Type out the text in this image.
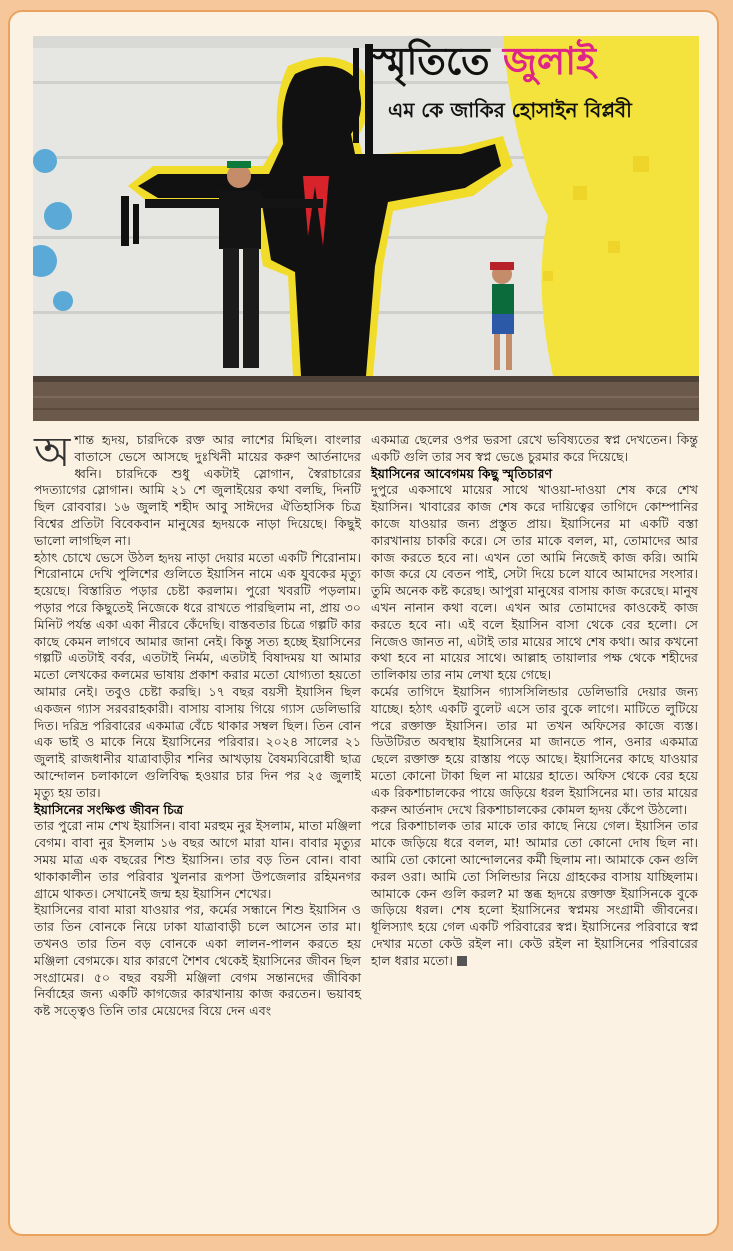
স্মৃতিতে জুলাই
এম কে জাকির হোসাইন বিপ্লবী

অশান্ত হৃদয়, চারদিকে রক্ত আর লাশের মিছিল। বাংলার বাতাসে ভেসে আসছে দুঃখিনী মায়ের করুণ আর্তনাদের ধ্বনি। চারদিকে শুধু একটাই স্লোগান, স্বৈরাচারের পদত্যাগের স্লোগান। আমি ২১ শে জুলাইয়ের কথা বলছি, দিনটি ছিল রোববার। ১৬ জুলাই শহীদ আবু সাঈদের ঐতিহাসিক চিত্র বিশ্বের প্রতিটা বিবেকবান মানুষের হৃদয়কে নাড়া দিয়েছে। কিছুই ভালো লাগছিল না।

হঠাৎ চোখে ভেসে উঠল হৃদয় নাড়া দেয়ার মতো একটি শিরোনাম। শিরোনামে দেখি পুলিশের গুলিতে ইয়াসিন নামে এক যুবকের মৃত্যু হয়েছে। বিস্তারিত পড়ার চেষ্টা করলাম। পুরো খবরটি পড়লাম। পড়ার পরে কিছুতেই নিজেকে ধরে রাখতে পারছিলাম না, প্রায় ৩০ মিনিট পর্যন্ত একা একা নীরবে কেঁদেছি। বাস্তবতার চিত্রে গল্পটি কার কাছে কেমন লাগবে আমার জানা নেই। কিন্তু সত্য হচ্ছে ইয়াসিনের গল্পটি এতটাই বর্বর, এতটাই নির্মম, এতটাই বিষাদময় যা আমার মতো লেখকের কলমের ভাষায় প্রকাশ করার মতো যোগ্যতা হয়তো আমার নেই। তবুও চেষ্টা করছি। ১৭ বছর বয়সী ইয়াসিন ছিল একজন গ্যাস সরবরাহকারী। বাসায় বাসায় গিয়ে গ্যাস ডেলিভারি দিত। দরিদ্র পরিবারের একমাত্র বেঁচে থাকার সম্বল ছিল। তিন বোন এক ভাই ও মাকে নিয়ে ইয়াসিনের পরিবার। ২০২৪ সালের ২১ জুলাই রাজধানীর যাত্রাবাড়ীর শনির আখড়ায় বৈষম্যবিরোধী ছাত্র আন্দোলন চলাকালে গুলিবিদ্ধ হওয়ার চার দিন পর ২৫ জুলাই মৃত্যু হয় তার।

ইয়াসিনের সংক্ষিপ্ত জীবন চিত্র

তার পুরো নাম শেখ ইয়াসিন। বাবা মরহুম নুর ইসলাম, মাতা মঞ্জিলা বেগম। বাবা নুর ইসলাম ১৬ বছর আগে মারা যান। বাবার মৃত্যুর সময় মাত্র এক বছরের শিশু ইয়াসিন। তার বড় তিন বোন। বাবা থাকাকালীন তার পরিবার খুলনার রূপসা উপজেলার রহিমনগর গ্রামে থাকত। সেখানেই জন্ম হয় ইয়াসিন শেখের।

ইয়াসিনের বাবা মারা যাওয়ার পর, কর্মের সন্ধানে শিশু ইয়াসিন ও তার তিন বোনকে নিয়ে ঢাকা যাত্রাবাড়ী চলে আসেন তার মা। তখনও তার তিন বড় বোনকে একা লালন-পালন করতে হয় মঞ্জিলা বেগমকে। যার কারণে শৈশব থেকেই ইয়াসিনের জীবন ছিল সংগ্রামের। ৫০ বছর বয়সী মঞ্জিলা বেগম সন্তানদের জীবিকা নির্বাহের জন্য একটি কাগজের কারখানায় কাজ করতেন। ভয়াবহ কষ্ট সত্ত্বেও তিনি তার মেয়েদের বিয়ে দেন এবং

একমাত্র ছেলের ওপর ভরসা রেখে ভবিষ্যতের স্বপ্ন দেখতেন। কিন্তু একটি গুলি তার সব স্বপ্ন ভেঙে চুরমার করে দিয়েছে।

ইয়াসিনের আবেগময় কিছু স্মৃতিচারণ

দুপুরে একসাথে মায়ের সাথে খাওয়া-দাওয়া শেষ করে শেখ ইয়াসিন। খাবারের কাজ শেষ করে দায়িত্বের তাগিদে কোম্পানির কাজে যাওয়ার জন্য প্রস্তুত প্রায়। ইয়াসিনের মা একটি বস্তা কারখানায় চাকরি করে। সে তার মাকে বলল, মা, তোমাদের আর কাজ করতে হবে না। এখন তো আমি নিজেই কাজ করি। আমি কাজ করে যে বেতন পাই, সেটা দিয়ে চলে যাবে আমাদের সংসার। তুমি অনেক কষ্ট করেছ। আপুরা মানুষের বাসায় কাজ করেছে। মানুষ এখন নানান কথা বলে। এখন আর তোমাদের কাওকেই কাজ করতে হবে না। এই বলে ইয়াসিন বাসা থেকে বের হলো। সে নিজেও জানত না, এটাই তার মায়ের সাথে শেষ কথা। আর কখনো কথা হবে না মায়ের সাথে। আল্লাহ তায়ালার পক্ষ থেকে শহীদের তালিকায় তার নাম লেখা হয়ে গেছে।

কর্মের তাগিদে ইয়াসিন গ্যাসসিলিন্ডার ডেলিভারি দেয়ার জন্য যাচ্ছে। হঠাৎ একটি বুলেট এসে তার বুকে লাগে। মাটিতে লুটিয়ে পরে রক্তাক্ত ইয়াসিন। তার মা তখন অফিসের কাজে ব্যস্ত। ডিউটিরত অবস্থায় ইয়াসিনের মা জানতে পান, ওনার একমাত্র ছেলে রক্তাক্ত হয়ে রাস্তায় পড়ে আছে। ইয়াসিনের কাছে যাওয়ার মতো কোনো টাকা ছিল না মায়ের হাতে। অফিস থেকে বের হয়ে এক রিকশাচালকের পায়ে জড়িয়ে ধরল ইয়াসিনের মা। তার মায়ের করুন আর্তনাদ দেখে রিকশাচালকের কোমল হৃদয় কেঁপে উঠলো।

পরে রিকশাচালক তার মাকে তার কাছে নিয়ে গেল। ইয়াসিন তার মাকে জড়িয়ে ধরে বলল, মা! আমার তো কোনো দোষ ছিল না। আমি তো কোনো আন্দোলনের কর্মী ছিলাম না। আমাকে কেন গুলি করল ওরা। আমি তো সিলিন্ডার নিয়ে গ্রাহকের বাসায় যাচ্ছিলাম। আমাকে কেন গুলি করল? মা স্তব্ধ হৃদয়ে রক্তাক্ত ইয়াসিনকে বুকে জড়িয়ে ধরল। শেষ হলো ইয়াসিনের স্বপ্নময় সংগ্রামী জীবনের। ধূলিস্যাৎ হয়ে গেল একটি পরিবারের স্বপ্ন। ইয়াসিনের পরিবারে স্বপ্ন দেখার মতো কেউ রইল না। কেউ রইল না ইয়াসিনের পরিবারের হাল ধরার মতো।
